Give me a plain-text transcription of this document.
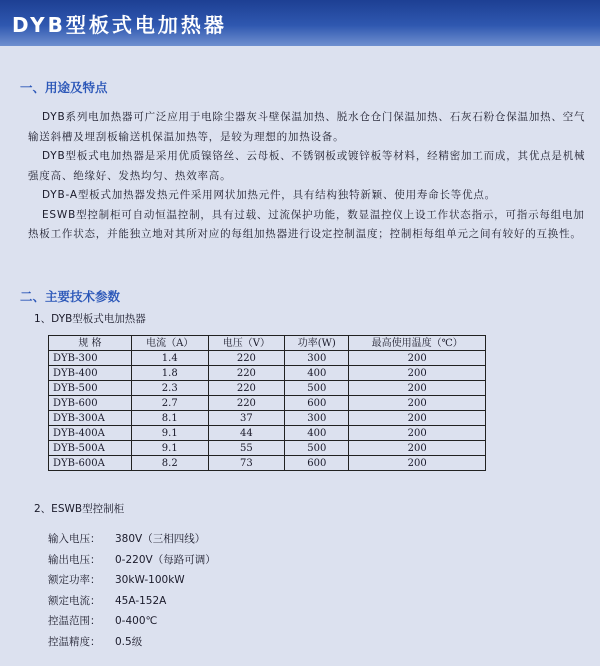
DYB型板式电加热器
一、用途及特点

DYB系列电加热器可广泛应用于电除尘器灰斗壁保温加热、脱水仓仓门保温加热、石灰石粉仓保温加热、空气输送斜槽及埋刮板输送机保温加热等，是较为理想的加热设备。

DYB型板式电加热器是采用优质镍铬丝、云母板、不锈钢板或镀锌板等材料，经精密加工而成，其优点是机械强度高、绝缘好、发热均匀、热效率高。

DYB-A型板式加热器发热元件采用网状加热元件，具有结构独特新颖、使用寿命长等优点。

ESWB型控制柜可自动恒温控制，具有过载、过流保护功能，数显温控仪上设工作状态指示，可指示每组电加热板工作状态，并能独立地对其所对应的每组加热器进行设定控制温度；控制柜每组单元之间有较好的互换性。

二、主要技术参数
1、DYB型板式电加热器
规 格	电流（A）	电压（V）	功率(W)	最高使用温度（℃）
DYB-300	1.4	220	300	200
DYB-400	1.8	220	400	200
DYB-500	2.3	220	500	200
DYB-600	2.7	220	600	200
DYB-300A	8.1	37	300	200
DYB-400A	9.1	44	400	200
DYB-500A	9.1	55	500	200
DYB-600A	8.2	73	600	200
2、ESWB型控制柜
输入电压： 380V（三相四线）
输出电压： 0-220V（每路可调）
额定功率： 30kW-100kW
额定电流： 45A-152A
控温范围： 0-400℃
控温精度： 0.5级
